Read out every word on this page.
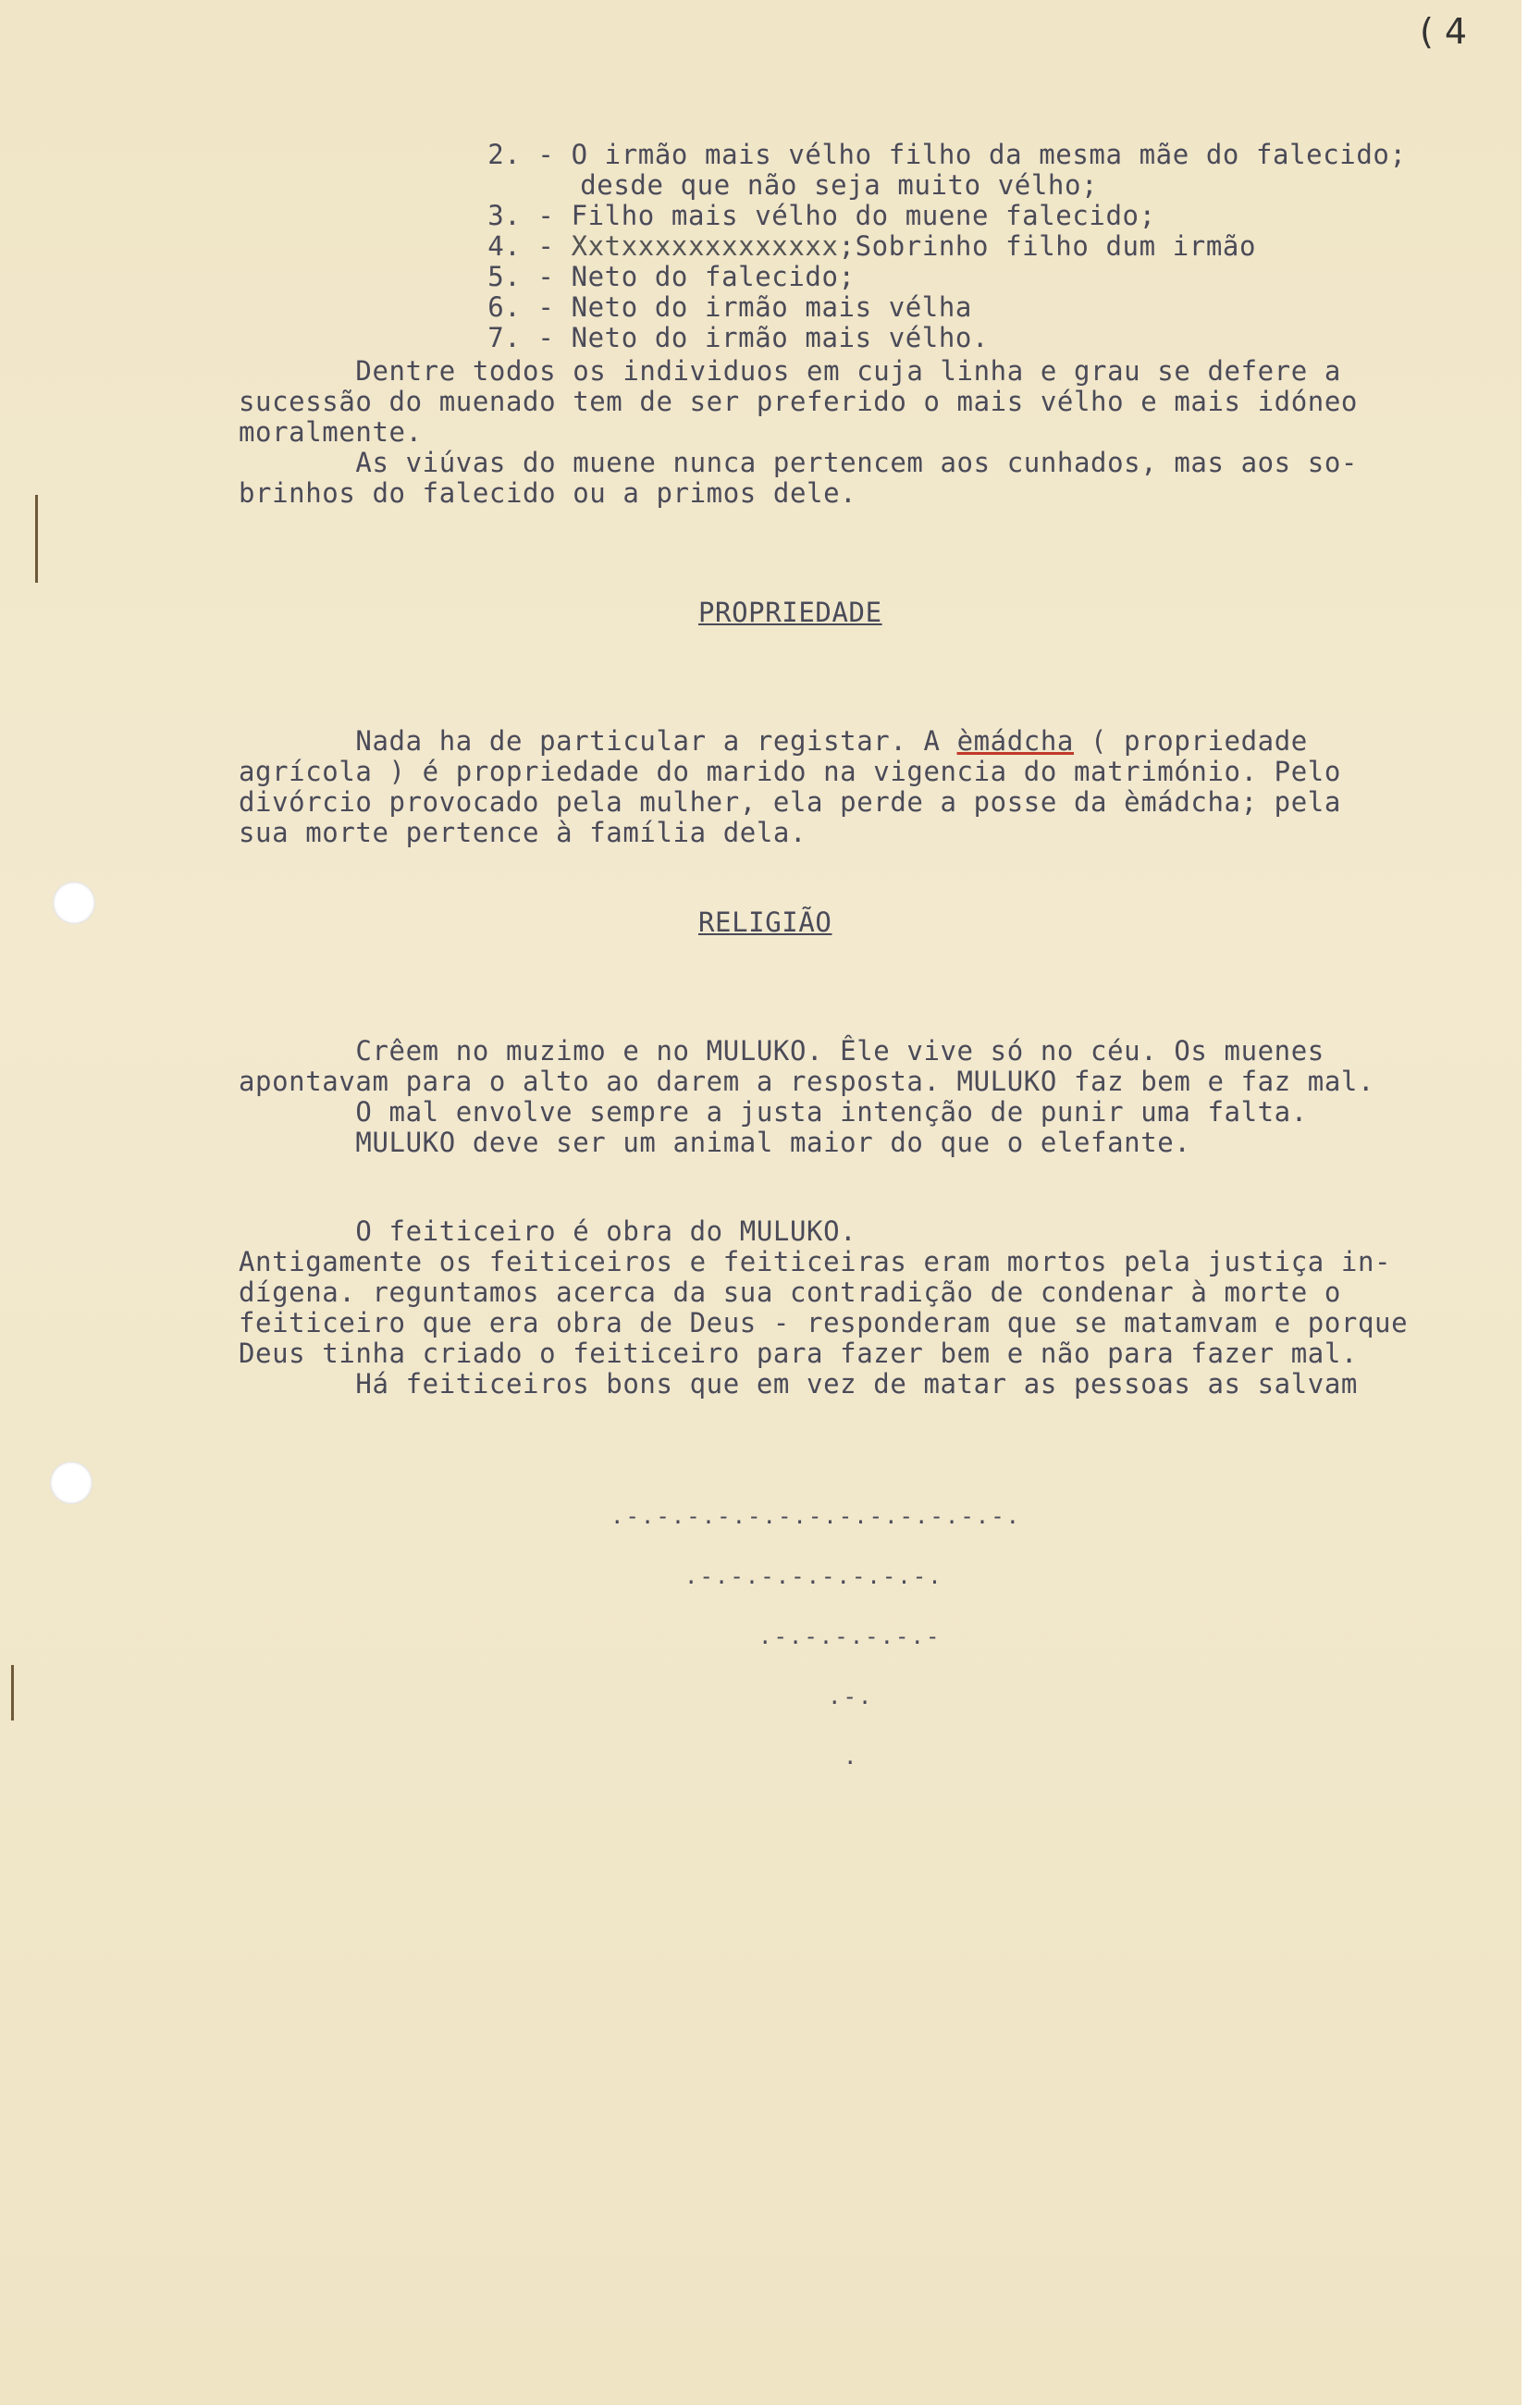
( 4

2. - O irmão mais vélho filho da mesma mãe do falecido;

desde que não seja muito vélho;

3. - Filho mais vélho do muene falecido;

4. - Xxtxxxxxxxxxxxxx;Sobrinho filho dum irmão

5. - Neto do falecido;

6. - Neto do irmão mais vélha

7. - Neto do irmão mais vélho.

Dentre todos os individuos em cuja linha e grau se defere a
sucessão do muenado tem de ser preferido o mais vélho e mais idóneo
moralmente.
As viúvas do muene nunca pertencem aos cunhados, mas aos so-
brinhos do falecido ou a primos dele.
PROPRIEDADE
Nada ha de particular a registar. A èmádcha ( propriedade
agrícola ) é propriedade do marido na vigencia do matrimónio. Pelo
divórcio provocado pela mulher, ela perde a posse da èmádcha; pela
sua morte pertence à família dela.
RELIGIÃO
Crêem no muzimo e no MULUKO. Êle vive só no céu. Os muenes
apontavam para o alto ao darem a resposta. MULUKO faz bem e faz mal.
O mal envolve sempre a justa intenção de punir uma falta.
MULUKO deve ser um animal maior do que o elefante.
O feiticeiro é obra do MULUKO.
Antigamente os feiticeiros e feiticeiras eram mortos pela justiça in-
dígena. reguntamos acerca da sua contradição de condenar à morte o
feiticeiro que era obra de Deus - responderam que se matamvam e porque
Deus tinha criado o feiticeiro para fazer bem e não para fazer mal.
Há feiticeiros bons que em vez de matar as pessoas as salvam
.-.-.-.-.-.-.-.-.-.-.-.-.-.
.-.-.-.-.-.-.-.-.
.-.-.-.-.-.-
.-.
.
